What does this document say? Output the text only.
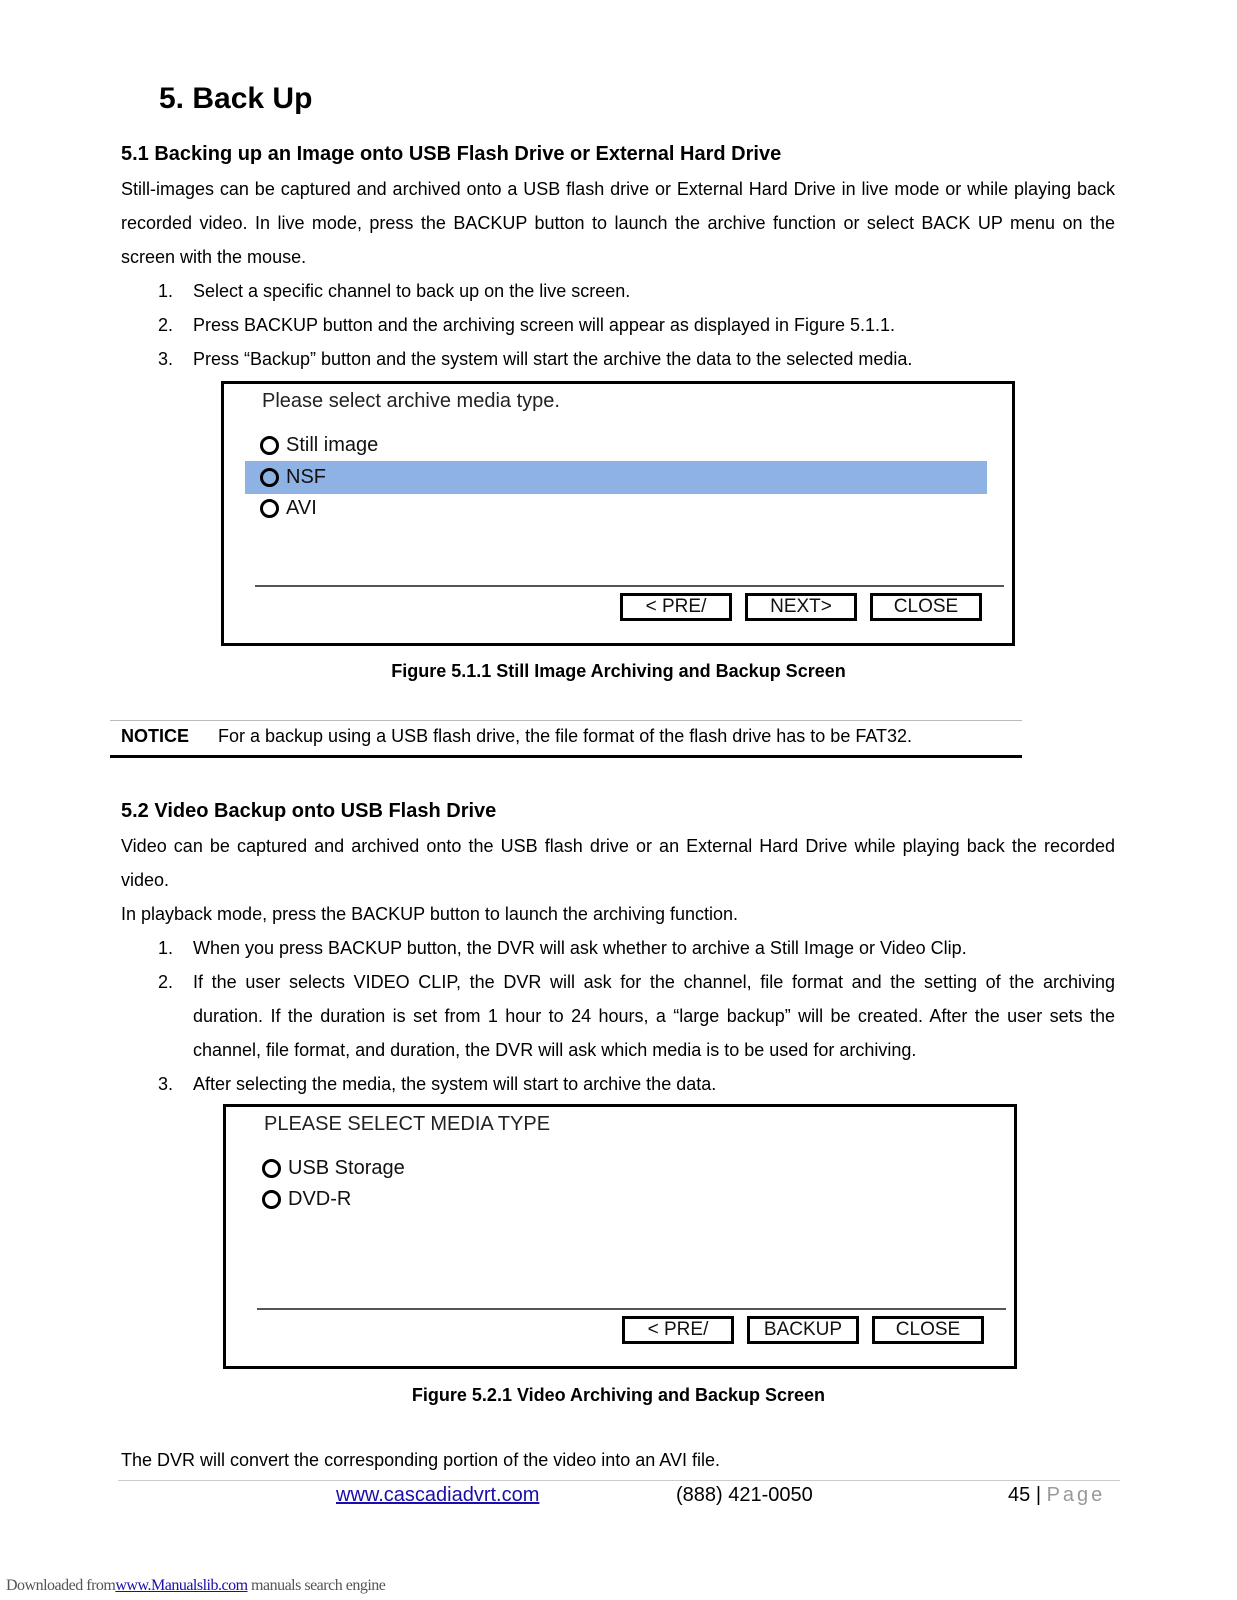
5. Back Up
5.1 Backing up an Image onto USB Flash Drive or External Hard Drive

Still-images can be captured and archived onto a USB flash drive or External Hard Drive in live mode or while playing back recorded video. In live mode, press the BACKUP button to launch the archive function or select BACK UP menu on the screen with the mouse.

1. Select a specific channel to back up on the live screen.
2. Press BACKUP button and the archiving screen will appear as displayed in Figure 5.1.1.
3. Press “Backup” button and the system will start the archive the data to the selected media.
Please select archive media type.
Still image
NSF
AVI
< PRE/	NEXT>	CLOSE
Figure 5.1.1 Still Image Archiving and Backup Screen
NOTICE For a backup using a USB flash drive, the file format of the flash drive has to be FAT32.
5.2 Video Backup onto USB Flash Drive

Video can be captured and archived onto the USB flash drive or an External Hard Drive while playing back the recorded video.

In playback mode, press the BACKUP button to launch the archiving function.

1. When you press BACKUP button, the DVR will ask whether to archive a Still Image or Video Clip.
2. If the user selects VIDEO CLIP, the DVR will ask for the channel, file format and the setting of the archiving duration. If the duration is set from 1 hour to 24 hours, a “large backup” will be created. After the user sets the channel, file format, and duration, the DVR will ask which media is to be used for archiving.
3. After selecting the media, the system will start to archive the data.
PLEASE SELECT MEDIA TYPE
USB Storage
DVD-R
< PRE/	BACKUP	CLOSE
Figure 5.2.1 Video Archiving and Backup Screen

The DVR will convert the corresponding portion of the video into an AVI file.

www.cascadiadvrt.com	(888) 421-0050	45 | Page
Downloaded fromwww.Manualslib.com manuals search engine
